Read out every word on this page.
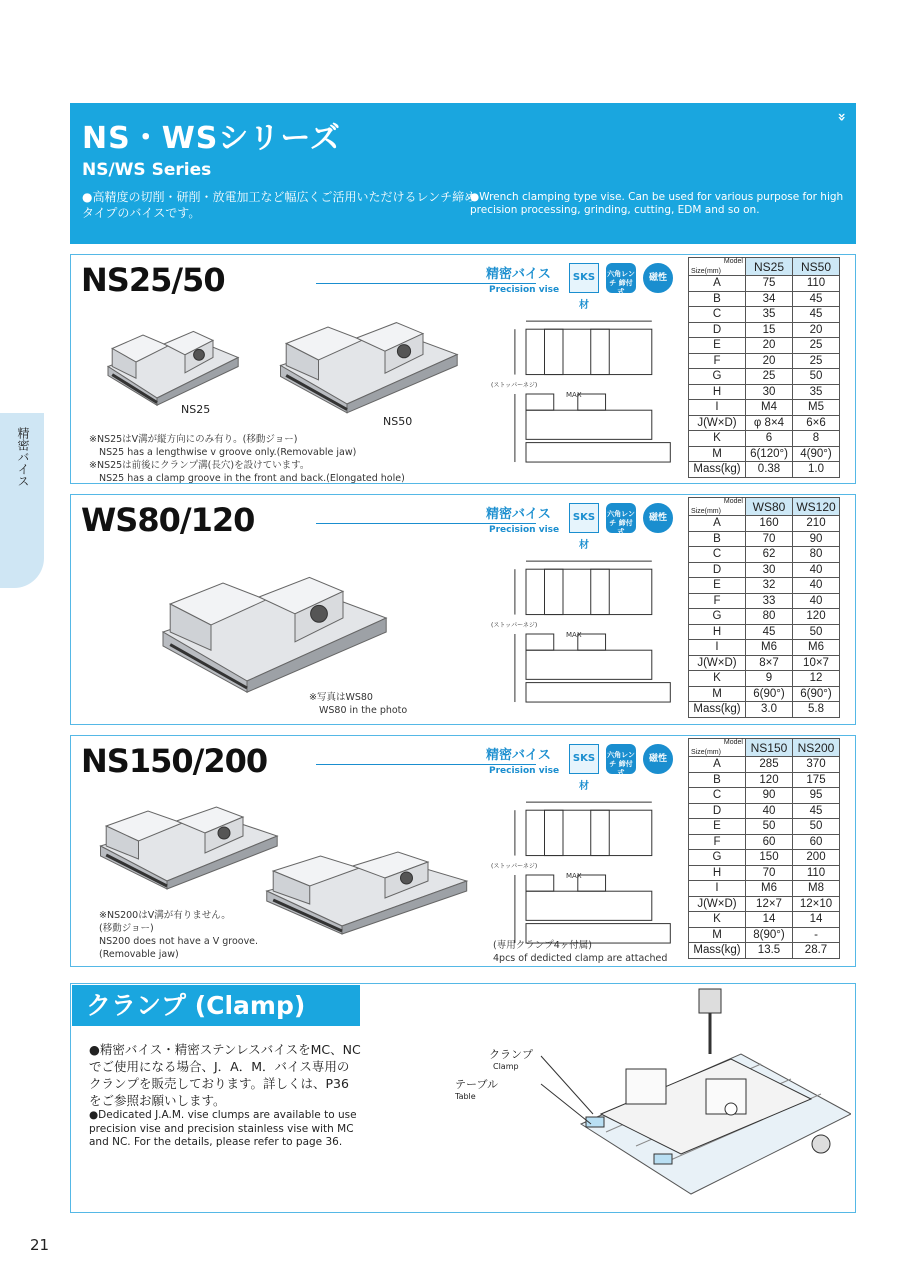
NS・WSシリーズ
NS/WS Series
●高精度の切削・研削・放電加工など幅広くご活用いただけるレンチ締めタイプのバイスです。
●Wrench clamping type vise. Can be used for various purpose for high precision processing, grinding, cutting, EDM and so on.
»
精密バイス
NS25/50	精密バイス
Precision vise
SKS 材
六角レンチ 締付式
磁性
NS25
NS50
※NS25はV溝が縦方向にのみ有り。(移動ジョー)
NS25 has a lengthwise v groove only.(Removable jaw)
※NS25は前後にクランプ溝(長穴)を設けています。
NS25 has a clamp groove in the front and back.(Elongated hole)
(ストッパーネジ)
MAX
Model
Size(mm)	NS25	NS50
A	75	110
B	34	45
C	35	45
D	15	20
E	20	25
F	20	25
G	25	50
H	30	35
I	M4	M5
J(W×D)	φ 8×4	6×6
K	6	8
M	6(120°)	4(90°)
Mass(kg)	0.38	1.0
WS80/120	精密バイス
Precision vise
SKS 材
六角レンチ 締付式
磁性
※写真はWS80
WS80 in the photo
(ストッパーネジ)
MAX
Model
Size(mm)	WS80	WS120
A	160	210
B	70	90
C	62	80
D	30	40
E	32	40
F	33	40
G	80	120
H	45	50
I	M6	M6
J(W×D)	8×7	10×7
K	9	12
M	6(90°)	6(90°)
Mass(kg)	3.0	5.8
NS150/200	精密バイス
Precision vise
SKS 材
六角レンチ 締付式
磁性
※NS200はV溝が有りません。
(移動ジョー)
NS200 does not have a V groove.
(Removable jaw)
(専用クランプ4ヶ付属)
4pcs of dedicted clamp are attached
(ストッパーネジ)
MAX
Model
Size(mm)	NS150	NS200
A	285	370
B	120	175
C	90	95
D	40	45
E	50	50
F	60	60
G	150	200
H	70	110
I	M6	M8
J(W×D)	12×7	12×10
K	14	14
M	8(90°)	-
Mass(kg)	13.5	28.7
クランプ (Clamp)
●精密バイス・精密ステンレスバイスをMC、NCでご使用になる場合、J．A．M．バイス専用のクランプを販売しております。詳しくは、P36をご参照お願いします。
●Dedicated J.A.M. vise clumps are available to use precision vise and precision stainless vise with MC and NC. For the details, please refer to page 36.
クランプ
Clamp
テーブル
Table
21
